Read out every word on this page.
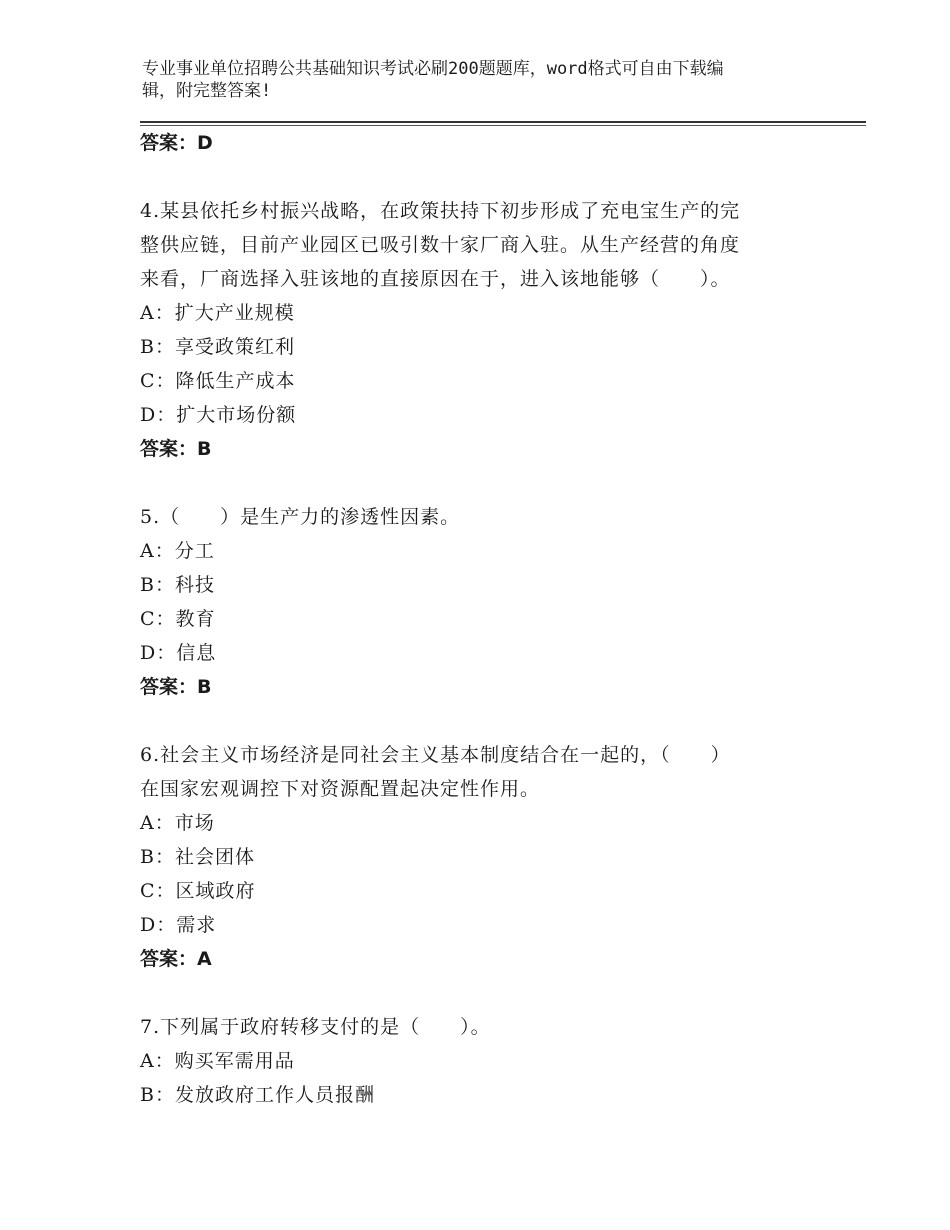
专业事业单位招聘公共基础知识考试必刷200题题库，word格式可自由下载编
辑，附完整答案!
答案：D
4.某县依托乡村振兴战略，在政策扶持下初步形成了充电宝生产的完
整供应链，目前产业园区已吸引数十家厂商入驻。从生产经营的角度
来看，厂商选择入驻该地的直接原因在于，进入该地能够（　　）。
A：扩大产业规模
B：享受政策红利
C：降低生产成本
D：扩大市场份额
答案：B
5.（　　）是生产力的渗透性因素。
A：分工
B：科技
C：教育
D：信息
答案：B
6.社会主义市场经济是同社会主义基本制度结合在一起的，（　　）
在国家宏观调控下对资源配置起决定性作用。
A：市场
B：社会团体
C：区域政府
D：需求
答案：A
7.下列属于政府转移支付的是（　　）。
A：购买军需用品
B：发放政府工作人员报酬
